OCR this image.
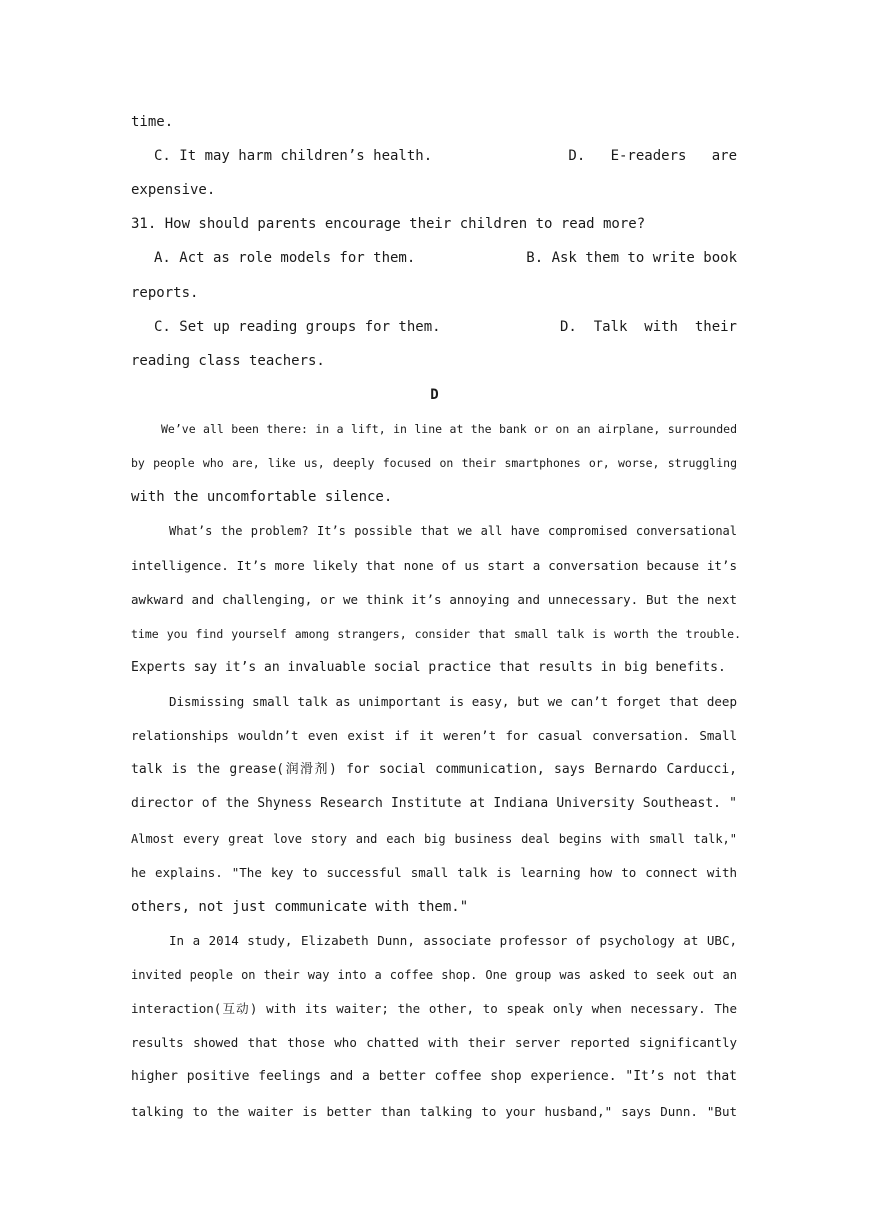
time.
C. It may harm children’s health.	D.   E-readers   are
expensive.
31. How should parents encourage their children to read more?
A. Act as role models for them.	B. Ask them to write book
reports.
C. Set up reading groups for them.	D.  Talk  with  their
reading class teachers.
D
We’ve all been there: in a lift, in line at the bank or on an airplane, surrounded
by people who are, like us, deeply focused on their smartphones or, worse, struggling
with the uncomfortable silence.
What’s the problem? It’s possible that we all have compromised conversational
intelligence. It’s more likely that none of us start a conversation because it’s
awkward and challenging, or we think it’s annoying and unnecessary. But the next
time you find yourself among strangers, consider that small talk is worth the trouble.
Experts say it’s an invaluable social practice that results in big benefits.
Dismissing small talk as unimportant is easy, but we can’t forget that deep
relationships wouldn’t even exist if it weren’t for casual conversation. Small
talk is the grease(润滑剂) for social communication, says Bernardo Carducci,
director of the Shyness Research Institute at Indiana University Southeast. "
Almost every great love story and each big business deal begins with small talk,"
he explains. "The key to successful small talk is learning how to connect with
others, not just communicate with them."
In a 2014 study, Elizabeth Dunn, associate professor of psychology at UBC,
invited people on their way into a coffee shop. One group was asked to seek out an
interaction(互动) with its waiter; the other, to speak only when necessary. The
results showed that those who chatted with their server reported significantly
higher positive feelings and a better coffee shop experience. "It’s not that
talking to the waiter is better than talking to your husband," says Dunn. "But
